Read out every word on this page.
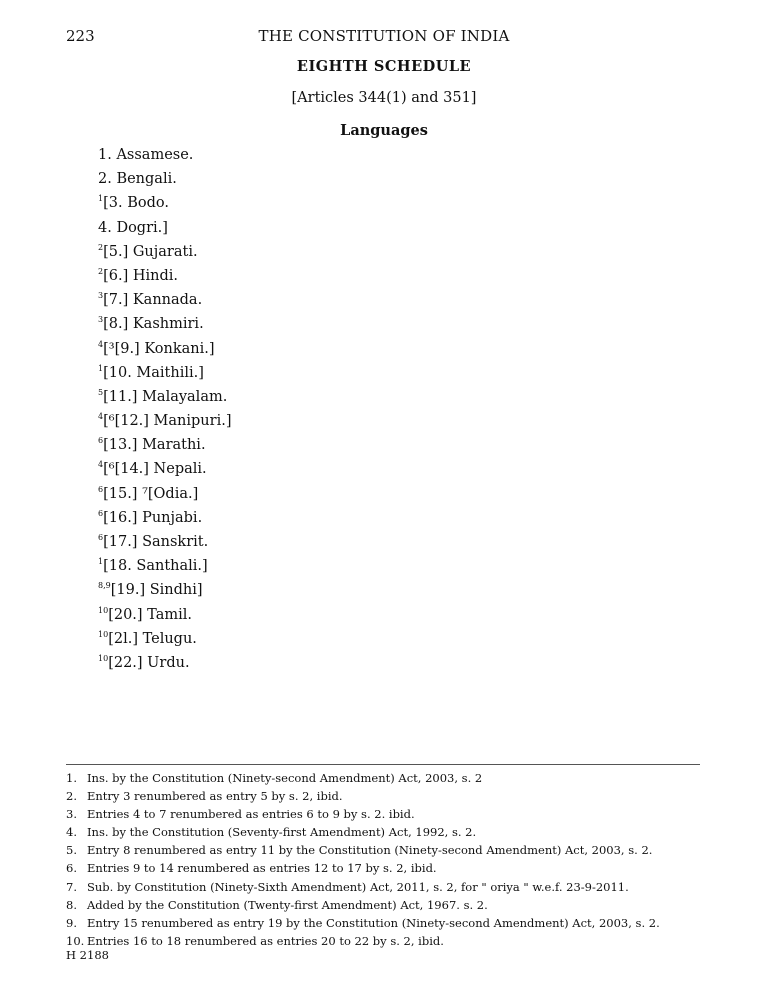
223	THE CONSTITUTION OF INDIA
EIGHTH SCHEDULE
[Articles 344(1) and 351]
Languages
1. Assamese.
2. Bengali.
$^1$[3. Bodo.
4. Dogri.]
$^2$[5.] Gujarati.
$^2$[6.] Hindi.
$^3$[7.] Kannada.
$^3$[8.] Kashmiri.
$^4$[³[9.] Konkani.]
$^1$[10. Maithili.]
$^5$[11.] Malayalam.
$^4$[⁶[12.] Manipuri.]
$^6$[13.] Marathi.
$^4$[⁶[14.] Nepali.
$^6$[15.] ⁷[Odia.]
$^6$[16.] Punjabi.
$^6$[17.] Sanskrit.
$^1$[18. Santhali.]
$^{8,9}$[19.] Sindhi]
$^{10}$[20.] Tamil.
$^{10}$[2l.] Telugu.
$^{10}$[22.] Urdu.
1. Ins. by the Constitution (Ninety-second Amendment) Act, 2003, s. 2
2. Entry 3 renumbered as entry 5 by s. 2, ibid.
3. Entries 4 to 7 renumbered as entries 6 to 9 by s. 2. ibid.
4. Ins. by the Constitution (Seventy-first Amendment) Act, 1992, s. 2.
5. Entry 8 renumbered as entry 11 by the Constitution (Ninety-second Amendment) Act, 2003, s. 2.
6. Entries 9 to 14 renumbered as entries 12 to 17 by s. 2, ibid.
7. Sub. by Constitution (Ninety-Sixth Amendment) Act, 2011, s. 2, for " oriya " w.e.f. 23-9-2011.
8. Added by the Constitution (Twenty-first Amendment) Act, 1967. s. 2.
9. Entry 15 renumbered as entry 19 by the Constitution (Ninety-second Amendment) Act, 2003, s. 2.
10. Entries 16 to 18 renumbered as entries 20 to 22 by s. 2, ibid.
H 2188
